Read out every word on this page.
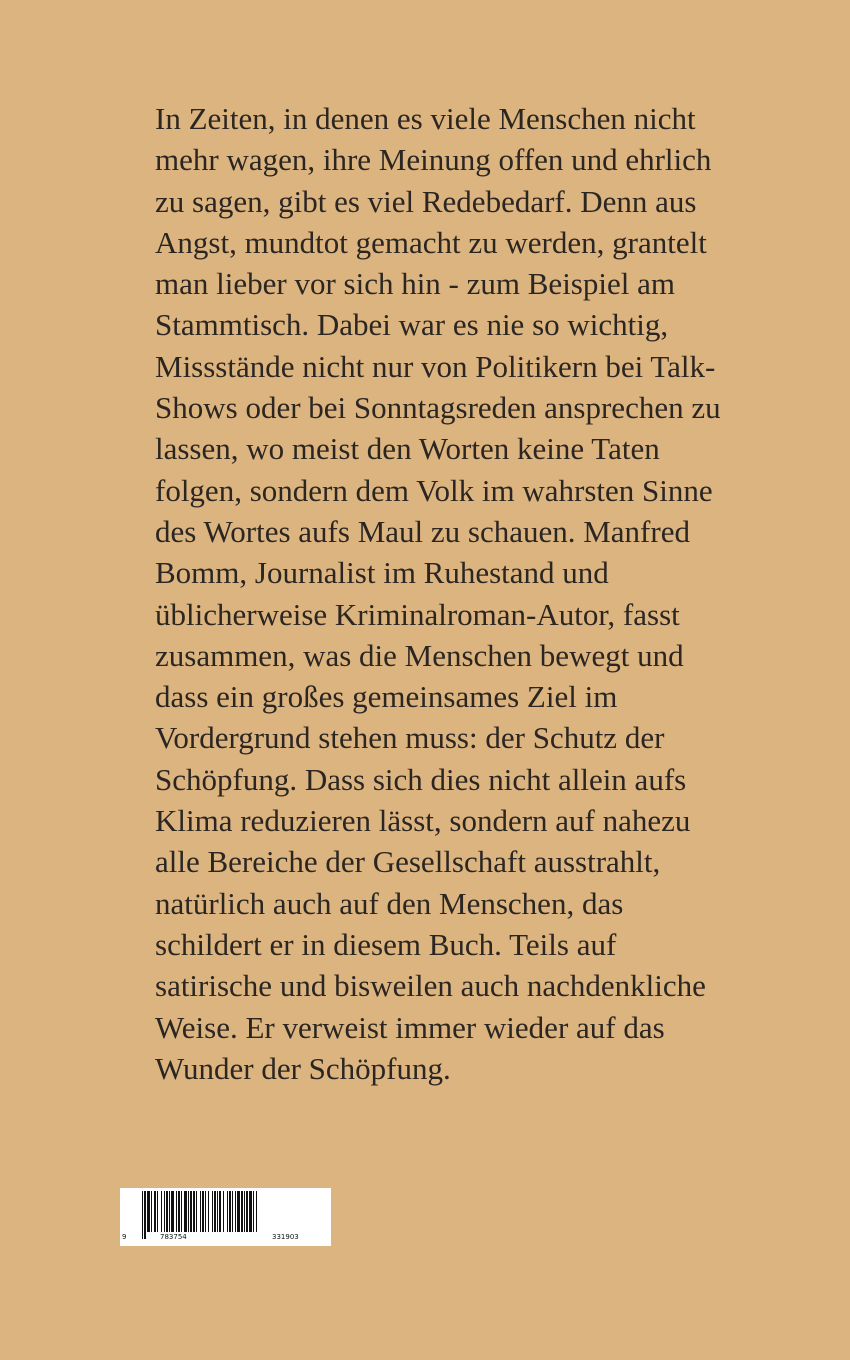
In Zeiten, in denen es viele Menschen nicht
mehr wagen, ihre Meinung offen und ehrlich
zu sagen, gibt es viel Redebedarf. Denn aus
Angst, mundtot gemacht zu werden, grantelt
man lieber vor sich hin - zum Beispiel am
Stammtisch. Dabei war es nie so wichtig,
Missstände nicht nur von Politikern bei Talk-
Shows oder bei Sonntagsreden ansprechen zu
lassen, wo meist den Worten keine Taten
folgen, sondern dem Volk im wahrsten Sinne
des Wortes aufs Maul zu schauen. Manfred
Bomm, Journalist im Ruhestand und
üblicherweise Kriminalroman-Autor, fasst
zusammen, was die Menschen bewegt und
dass ein großes gemeinsames Ziel im
Vordergrund stehen muss: der Schutz der
Schöpfung. Dass sich dies nicht allein aufs
Klima reduzieren lässt, sondern auf nahezu
alle Bereiche der Gesellschaft ausstrahlt,
natürlich auch auf den Menschen, das
schildert er in diesem Buch. Teils auf
satirische und bisweilen auch nachdenkliche
Weise. Er verweist immer wieder auf das
Wunder der Schöpfung.
9	783754	331903
